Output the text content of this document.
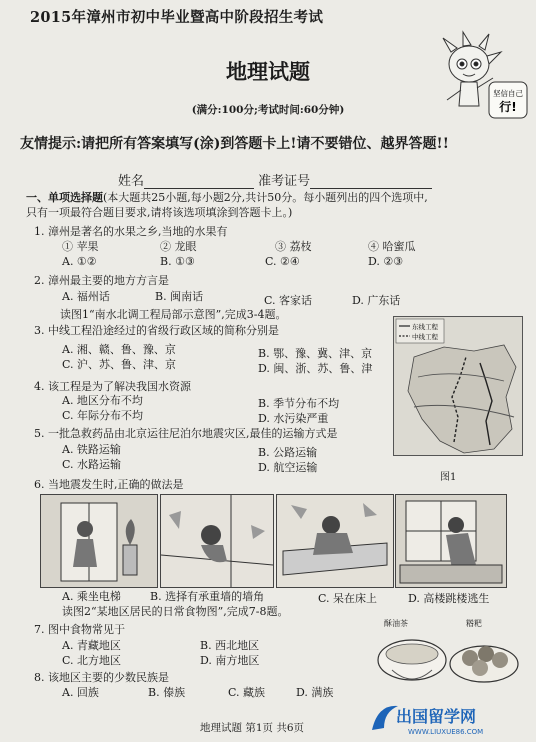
2015年漳州市初中毕业暨高中阶段招生考试
地理试题
(满分:100分;考试时间:60分钟)
坚信自己
行!
友情提示:请把所有答案填写(涂)到答题卡上!请不要错位、越界答题!!
姓名	准考证号
一、单项选择题(本大题共25小题,每小题2分,共计50分。每小题列出的四个选项中,
只有一项最符合题目要求,请将该选项填涂到答题卡上。)
1. 漳州是著名的水果之乡,当地的水果有
① 苹果	② 龙眼	③ 荔枝	④ 哈蜜瓜
A. ①②	B. ①③	C. ②④	D. ②③
2. 漳州最主要的地方方言是
A. 福州话	B. 闽南话	C. 客家话	D. 广东话
读图1“南水北调工程局部示意图”,完成3-4题。
东线工程
中线工程
图1
3. 中线工程沿途经过的省级行政区域的简称分别是
A. 湘、赣、鲁、豫、京	B. 鄂、豫、冀、津、京
C. 沪、苏、鲁、津、京	D. 闽、浙、苏、鲁、津
4. 该工程是为了解决我国水资源
A. 地区分布不均	B. 季节分布不均
C. 年际分布不均	D. 水污染严重
5. 一批急救药品由北京运往尼泊尔地震灾区,最佳的运输方式是
A. 铁路运输	B. 公路运输
C. 水路运输	D. 航空运输
6. 当地震发生时,正确的做法是
A. 乘坐电梯	B. 选择有承重墙的墙角	C. 呆在床上	D. 高楼跳楼逃生
读图2“某地区居民的日常食物图”,完成7-8题。
7. 图中食物常见于
A. 青藏地区	B. 西北地区
C. 北方地区	D. 南方地区
酥油茶	糌粑
8. 该地区主要的少数民族是
A. 回族	B. 傣族	C. 藏族	D. 满族
地理试题 第1页 共6页
出国留学网
WWW.LIUXUE86.COM
